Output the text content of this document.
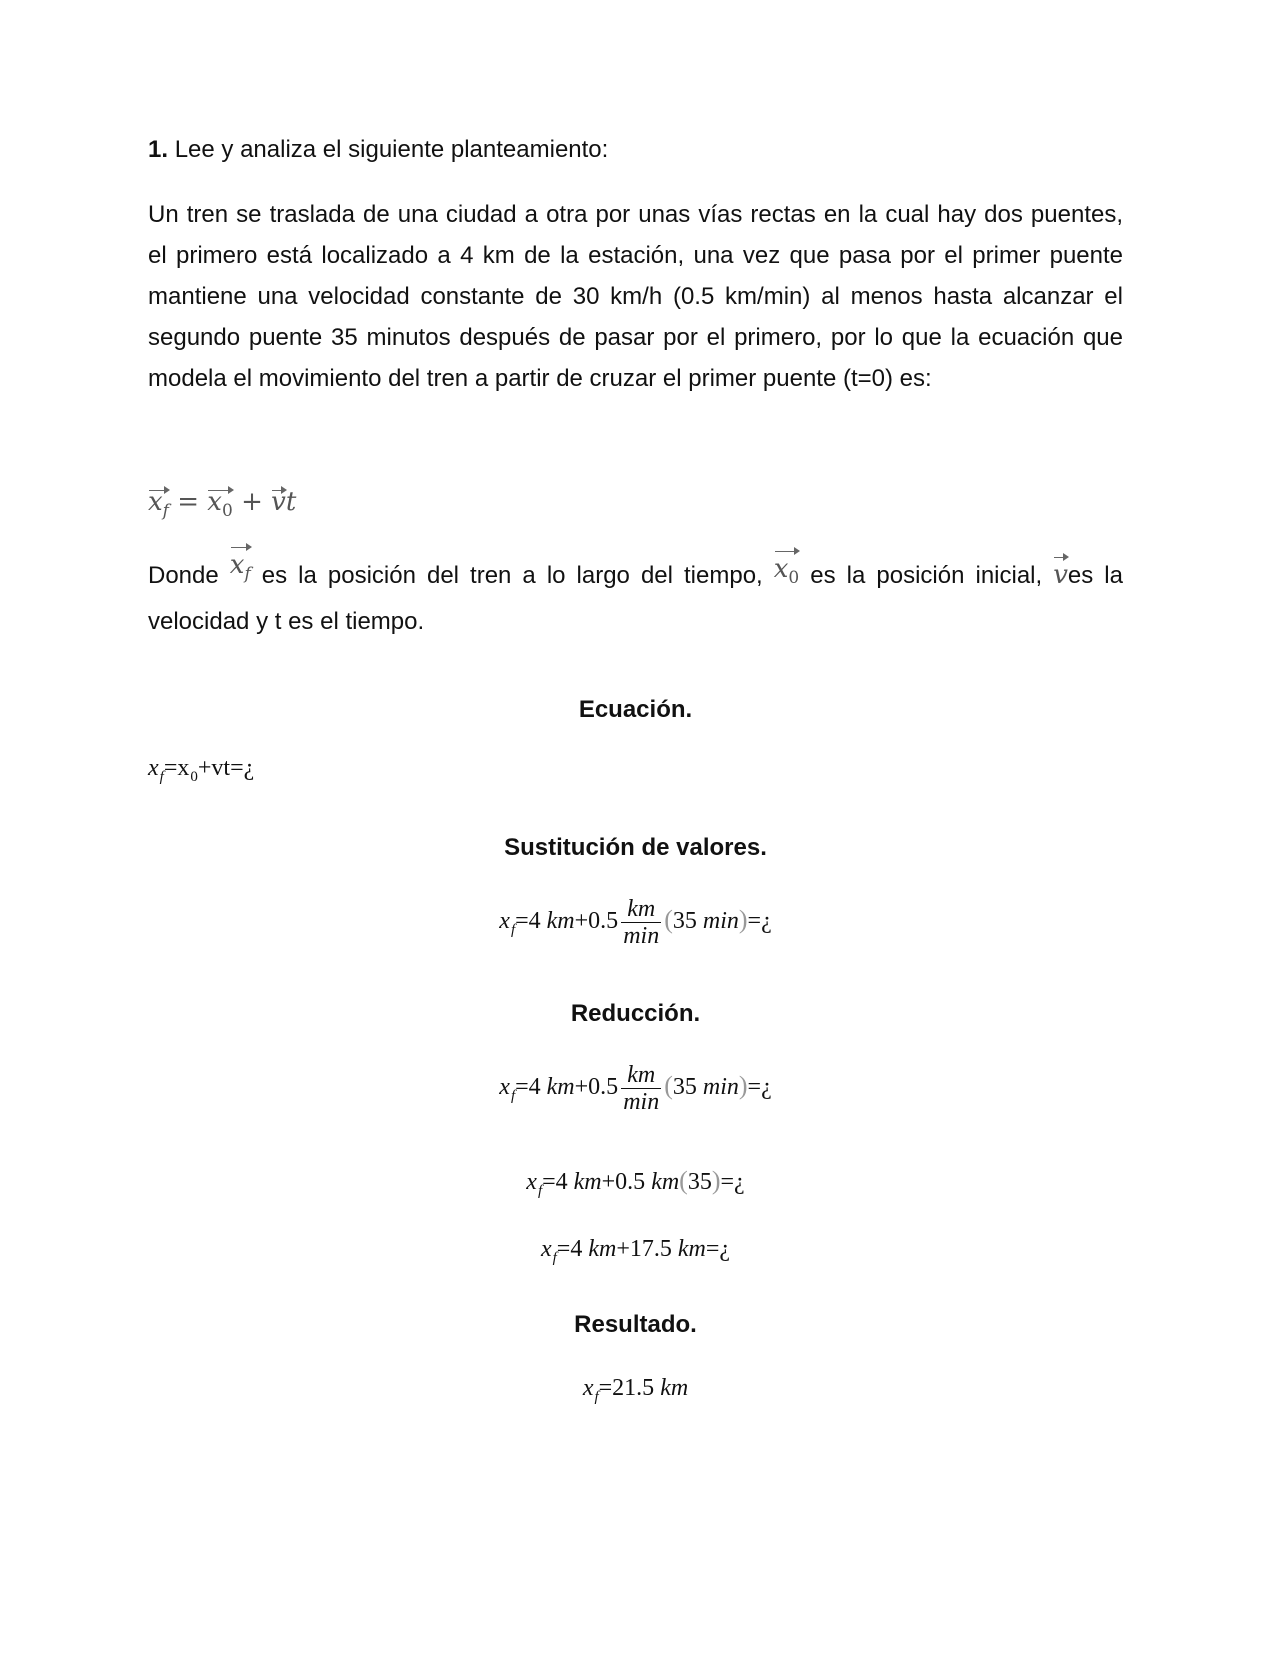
1. Lee y analiza el siguiente planteamiento:

Un tren se traslada de una ciudad a otra por unas vías rectas en la cual hay dos puentes, el primero está localizado a 4 km de la estación, una vez que pasa por el primer puente mantiene una velocidad constante de 30 km/h (0.5 km/min) al menos hasta alcanzar el segundo puente 35 minutos después de pasar por el primero, por lo que la ecuación que modela el movimiento del tren a partir de cruzar el primer puente (t=0) es:

$x_f = x_0$ + vt

Donde $x_f$ es la posición del tren a lo largo del tiempo, $x_0$ es la posición inicial, ves la velocidad y t es el tiempo.

Ecuación.

$x_f=x_0+vt=¿$

Sustitución de valores.

$x_f=4$ $km+0.5 \frac{km}{\min} (35$ min)=¿

Reducción.

$x_f=4$ $km+0.5 \frac{km}{\min} (35$ min)=¿
$x_f=4$ km+0.5 km(35)=¿
$x_f=4$ km+17.5 km=¿

Resultado.

$x_f=21.5$ km
